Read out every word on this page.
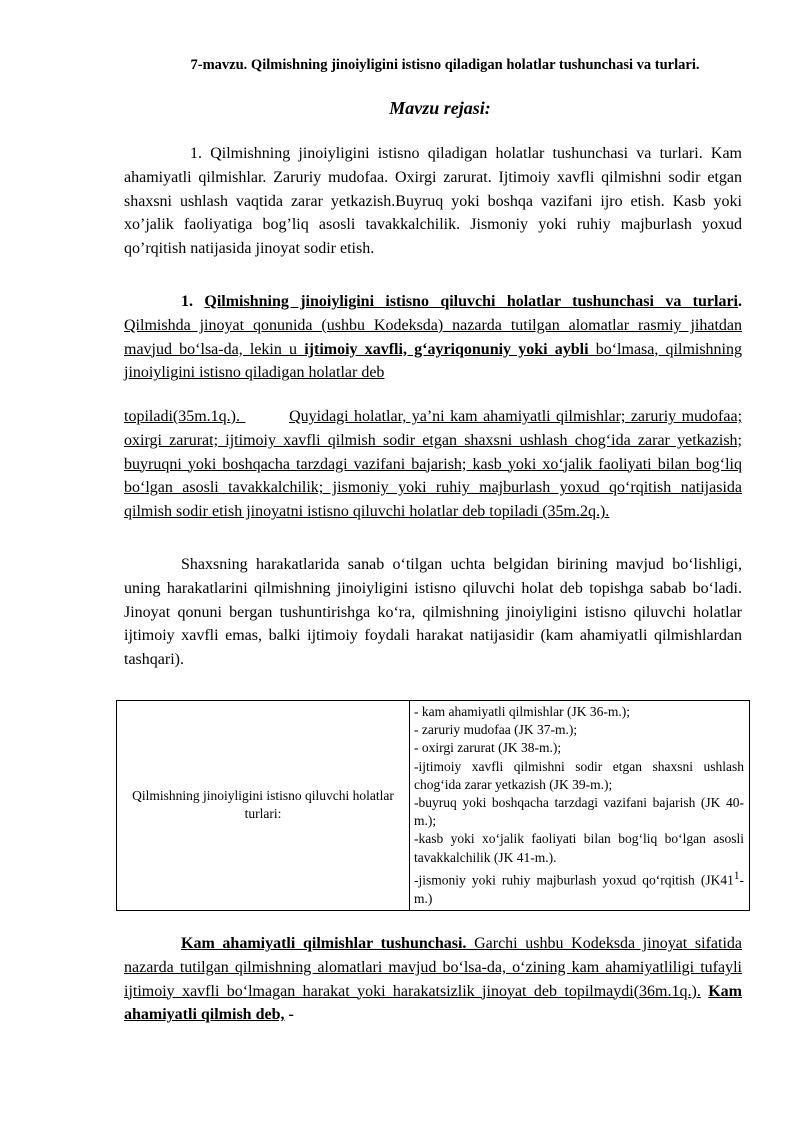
7-mavzu. Qilmishning jinoiyligini istisno qiladigan holatlar tushunchasi va turlari.
Mavzu rejasi:

1. Qilmishning jinoiyligini istisno qiladigan holatlar tushunchasi va turlari. Kam ahamiyatli qilmishlar. Zaruriy mudofaa. Oxirgi zarurat. Ijtimoiy xavfli qilmishni sodir etgan shaxsni ushlash vaqtida zarar yetkazish.Buyruq yoki boshqa vazifani ijro etish. Kasb yoki xo’jalik faoliyatiga bog’liq asosli tavakkalchilik. Jismoniy yoki ruhiy majburlash yoxud qo’rqitish natijasida jinoyat sodir etish.

1. Qilmishning jinoiyligini istisno qiluvchi holatlar tushunchasi va turlari. Qilmishda jinoyat qonunida (ushbu Kodeksda) nazarda tutilgan alomatlar rasmiy jihatdan mavjud bo‘lsa-da, lekin u ijtimoiy xavfli, g‘ayriqonuniy yoki aybli bo‘lmasa, qilmishning jinoiyligini istisno qiladigan holatlar deb

topiladi(35m.1q.).	Quyidagi holatlar, ya’ni kam ahamiyatli qilmishlar; zaruriy mudofaa; oxirgi zarurat; ijtimoiy xavfli qilmish sodir etgan shaxsni ushlash chog‘ida zarar yetkazish; buyruqni yoki boshqacha tarzdagi vazifani bajarish; kasb yoki xo‘jalik faoliyati bilan bog‘liq bo‘lgan asosli tavakkalchilik; jismoniy yoki ruhiy majburlash yoxud qo‘rqitish natijasida qilmish sodir etish jinoyatni istisno qiluvchi holatlar deb topiladi (35m.2q.).

Shaxsning harakatlarida sanab o‘tilgan uchta belgidan birining mavjud bo‘lishligi, uning harakatlarini qilmishning jinoiyligini istisno qiluvchi holat deb topishga sabab bo‘ladi. Jinoyat qonuni bergan tushuntirishga ko‘ra, qilmishning jinoiyligini istisno qiluvchi holatlar ijtimoiy xavfli emas, balki ijtimoiy foydali harakat natijasidir (kam ahamiyatli qilmishlardan tashqari).

Qilmishning jinoiyligini istisno qiluvchi holatlar turlari:	
- kam ahamiyatli qilmishlar (JK 36-m.);
- zaruriy mudofaa (JK 37-m.);
- oxirgi zarurat (JK 38-m.);
-ijtimoiy xavfli qilmishni sodir etgan shaxsni ushlash chog‘ida zarar yetkazish (JK 39-m.);
-buyruq yoki boshqacha tarzdagi vazifani bajarish (JK 40-m.);
-kasb yoki xo‘jalik faoliyati bilan bog‘liq bo‘lgan asosli tavakkalchilik (JK 41-m.).
-jismoniy yoki ruhiy majburlash yoxud qo‘rqitish $(JK41^1-m.)$

Kam ahamiyatli qilmishlar tushunchasi. Garchi ushbu Kodeksda jinoyat sifatida nazarda tutilgan qilmishning alomatlari mavjud bo‘lsa-da, o‘zining kam ahamiyatliligi tufayli ijtimoiy xavfli bo‘lmagan harakat yoki harakatsizlik jinoyat deb topilmaydi(36m.1q.). Kam ahamiyatli qilmish deb, -
